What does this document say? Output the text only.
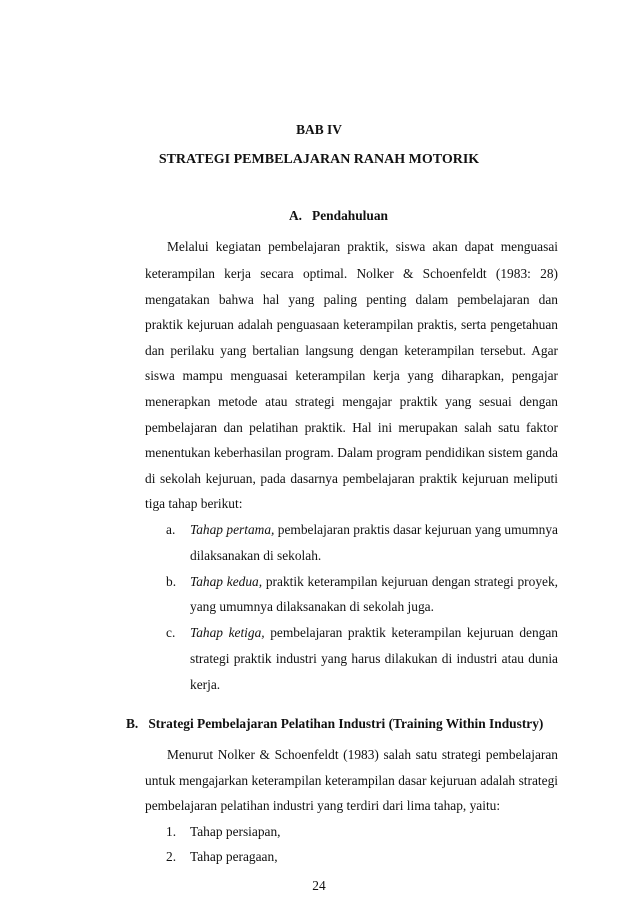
BAB IV
STRATEGI PEMBELAJARAN RANAH MOTORIK
A.   Pendahuluan
Melalui kegiatan pembelajaran praktik, siswa akan dapat menguasai
keterampilan kerja secara optimal. Nolker & Schoenfeldt (1983: 28)
mengatakan bahwa hal yang paling penting dalam pembelajaran dan
praktik kejuruan adalah penguasaan keterampilan praktis, serta pengetahuan
dan perilaku yang bertalian langsung dengan keterampilan tersebut. Agar
siswa mampu menguasai keterampilan kerja yang diharapkan, pengajar
menerapkan metode atau strategi mengajar praktik yang sesuai dengan
pembelajaran dan pelatihan praktik. Hal ini merupakan salah satu faktor
menentukan keberhasilan program. Dalam program pendidikan sistem ganda
di sekolah kejuruan, pada dasarnya pembelajaran praktik kejuruan meliputi
tiga tahap berikut:
a. Tahap pertama, pembelajaran praktis dasar kejuruan yang umumnya
dilaksanakan di sekolah.
b. Tahap kedua, praktik keterampilan kejuruan dengan strategi proyek,
yang umumnya dilaksanakan di sekolah juga.
c. Tahap ketiga, pembelajaran praktik keterampilan kejuruan dengan
strategi praktik industri yang harus dilakukan di industri atau dunia
kerja.
B.   Strategi Pembelajaran Pelatihan Industri (Training Within Industry)
Menurut Nolker & Schoenfeldt (1983) salah satu strategi pembelajaran
untuk mengajarkan keterampilan keterampilan dasar kejuruan adalah strategi
pembelajaran pelatihan industri yang terdiri dari lima tahap, yaitu:
1. Tahap persiapan,
2. Tahap peragaan,
24
